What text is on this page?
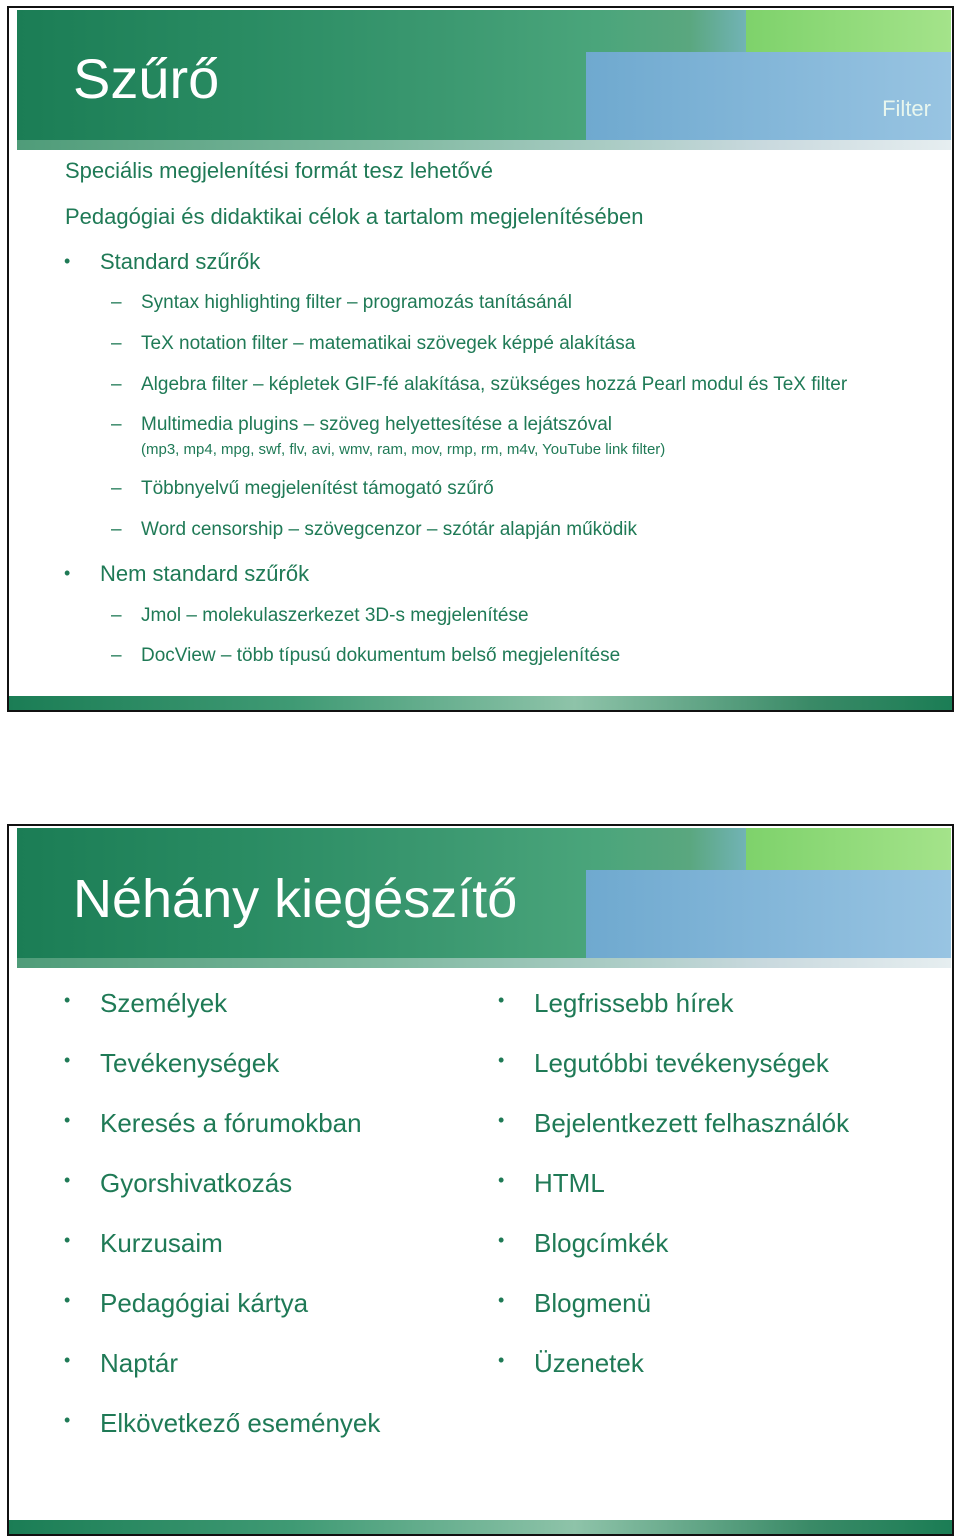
Szűrő	Filter
Speciális megjelenítési formát tesz lehetővé
Pedagógiai és didaktikai célok a tartalom megjelenítésében
• Standard szűrők
– Syntax highlighting filter – programozás tanításánál
– TeX notation filter – matematikai szövegek képpé alakítása
– Algebra filter – képletek GIF-fé alakítása, szükséges hozzá Pearl modul és TeX filter
– Multimedia plugins – szöveg helyettesítése a lejátszóval
(mp3, mp4, mpg, swf, flv, avi, wmv, ram, mov, rmp, rm, m4v, YouTube link filter)
– Többnyelvű megjelenítést támogató szűrő
– Word censorship – szövegcenzor – szótár alapján működik
• Nem standard szűrők
– Jmol – molekulaszerkezet 3D-s megjelenítése
– DocView – több típusú dokumentum belső megjelenítése
Néhány kiegészítő
• Személyek
• Tevékenységek
• Keresés a fórumokban
• Gyorshivatkozás
• Kurzusaim
• Pedagógiai kártya
• Naptár
• Elkövetkező események
• Legfrissebb hírek
• Legutóbbi tevékenységek
• Bejelentkezett felhasználók
• HTML
• Blogcímkék
• Blogmenü
• Üzenetek
